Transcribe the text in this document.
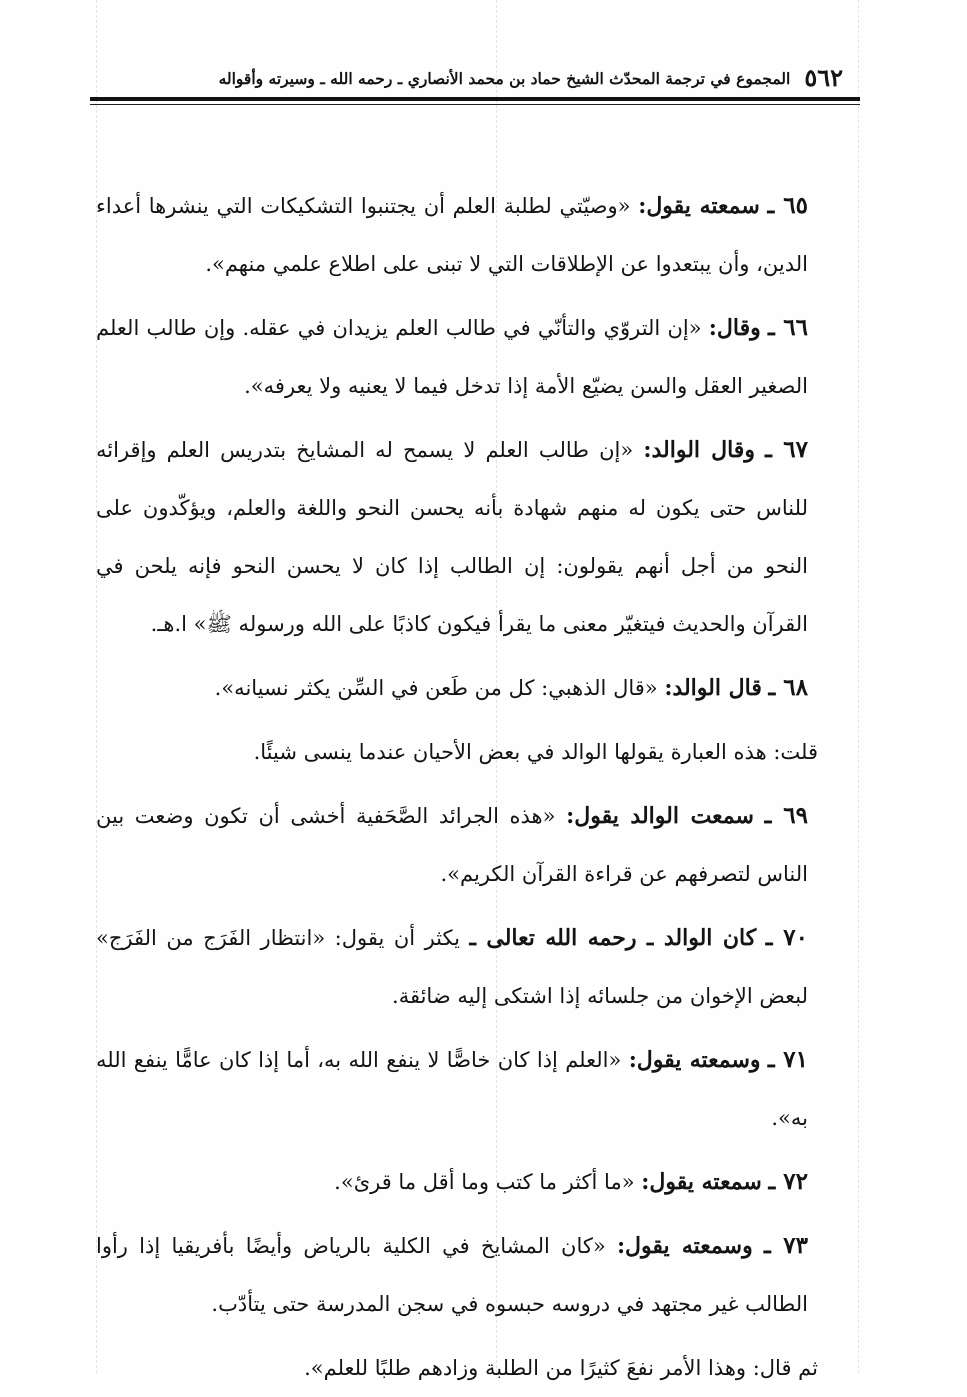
٥٦٢
المجموع في ترجمة المحدّث الشيخ حماد بن محمد الأنصاري ـ رحمه الله ـ وسيرته وأقواله

٦٥ ـ سمعته يقول: «وصيّتي لطلبة العلم أن يجتنبوا التشكيكات التي ينشرها أعداء الدين، وأن يبتعدوا عن الإطلاقات التي لا تبنى على اطلاع علمي منهم».

٦٦ ـ وقال: «إن التروّي والتأنّي في طالب العلم يزيدان في عقله. وإن طالب العلم الصغير العقل والسن يضيّع الأمة إذا تدخل فيما لا يعنيه ولا يعرفه».

٦٧ ـ وقال الوالد: «إن طالب العلم لا يسمح له المشايخ بتدريس العلم وإقرائه للناس حتى يكون له منهم شهادة بأنه يحسن النحو واللغة والعلم، ويؤكّدون على النحو من أجل أنهم يقولون: إن الطالب إذا كان لا يحسن النحو فإنه يلحن في القرآن والحديث فيتغيّر معنى ما يقرأ فيكون كاذبًا على الله ورسوله ﷺ» ا.هـ.

٦٨ ـ قال الوالد: «قال الذهبي: كل من طَعن في السِّن يكثر نسيانه».

قلت: هذه العبارة يقولها الوالد في بعض الأحيان عندما ينسى شيئًا.

٦٩ ـ سمعت الوالد يقول: «هذه الجرائد الصَّحَفية أخشى أن تكون وضعت بين الناس لتصرفهم عن قراءة القرآن الكريم».

٧٠ ـ كان الوالد ـ رحمه الله تعالى ـ يكثر أن يقول: «انتظار الفَرَج من الفَرَج» لبعض الإخوان من جلسائه إذا اشتكى إليه ضائقة.

٧١ ـ وسمعته يقول: «العلم إذا كان خاصًّا لا ينفع الله به، أما إذا كان عامًّا ينفع الله به».

٧٢ ـ سمعته يقول: «ما أكثر ما كتب وما أقل ما قرئ».

٧٣ ـ وسمعته يقول: «كان المشايخ في الكلية بالرياض وأيضًا بأفريقيا إذا رأوا الطالب غير مجتهد في دروسه حبسوه في سجن المدرسة حتى يتأدّب.

ثم قال: وهذا الأمر نفعَ كثيرًا من الطلبة وزادهم طلبًا للعلم».
